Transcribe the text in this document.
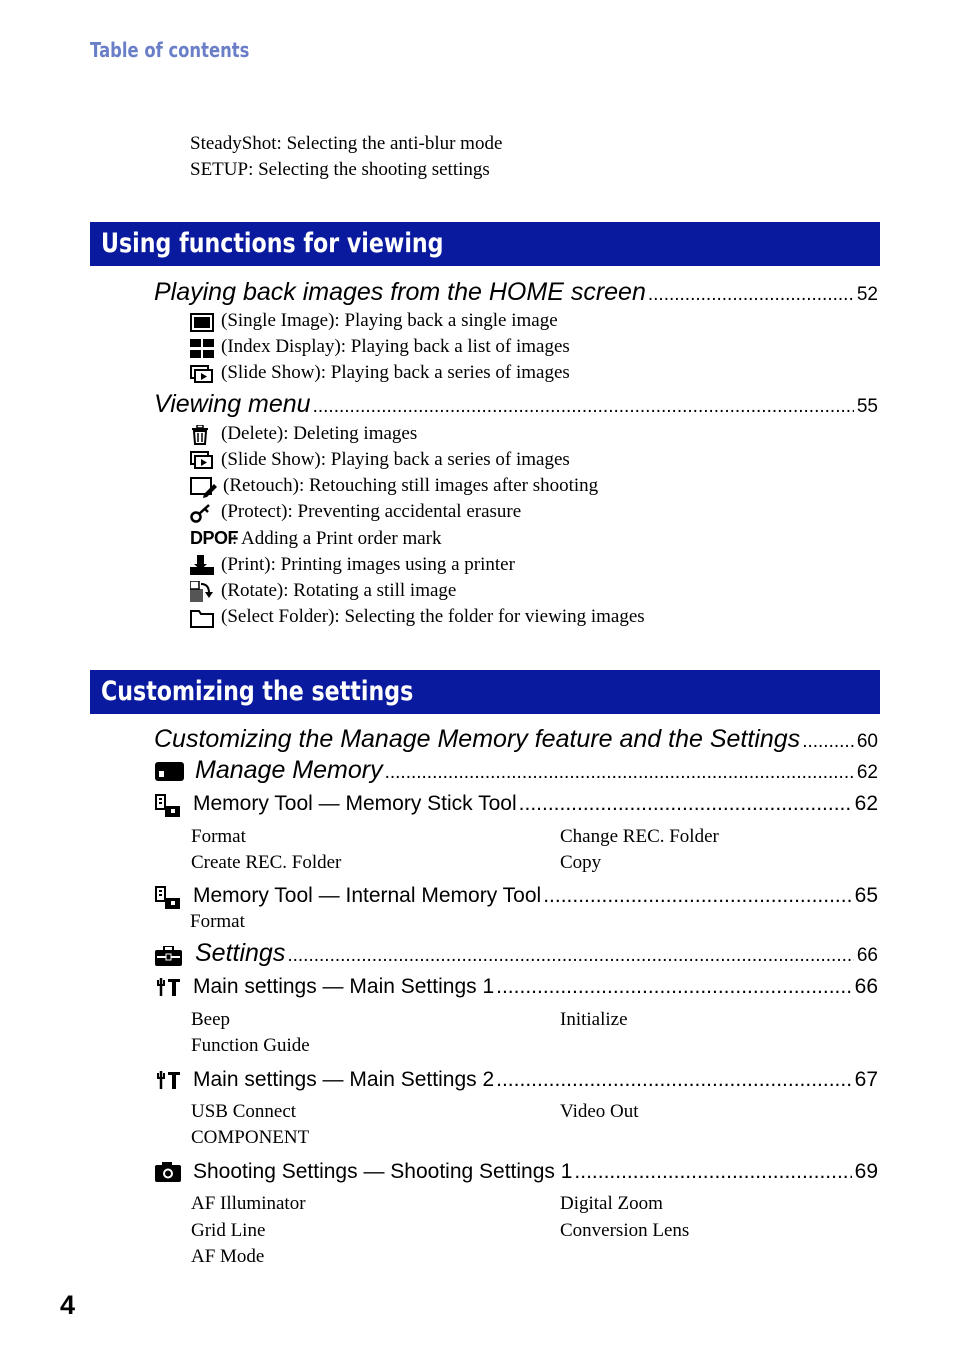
Table of contents
SteadyShot: Selecting the anti-blur mode
SETUP: Selecting the shooting settings
Using functions for viewing
Playing back images from the HOME screen .....	52
(Single Image): Playing back a single image
(Index Display): Playing back a list of images
(Slide Show): Playing back a series of images
Viewing menu .....	55
(Delete): Deleting images
(Slide Show): Playing back a series of images
(Retouch): Retouching still images after shooting
(Protect): Preventing accidental erasure
DPOF
: Adding a Print order mark
(Print): Printing images using a printer
(Rotate): Rotating a still image
(Select Folder): Selecting the folder for viewing images
Customizing the settings
Customizing the Manage Memory feature and the Settings .....	60
Manage Memory .....	62
Memory Tool — Memory Stick Tool .....	62
Format	Change REC. Folder
Create REC. Folder	Copy
Memory Tool — Internal Memory Tool .....	65
Format
Settings .....	66
Main settings — Main Settings 1 .....	66
Beep	Initialize
Function Guide
Main settings — Main Settings 2 .....	67
USB Connect	Video Out
COMPONENT
Shooting Settings — Shooting Settings 1 .....	69
AF Illuminator	Digital Zoom
Grid Line	Conversion Lens
AF Mode
4
